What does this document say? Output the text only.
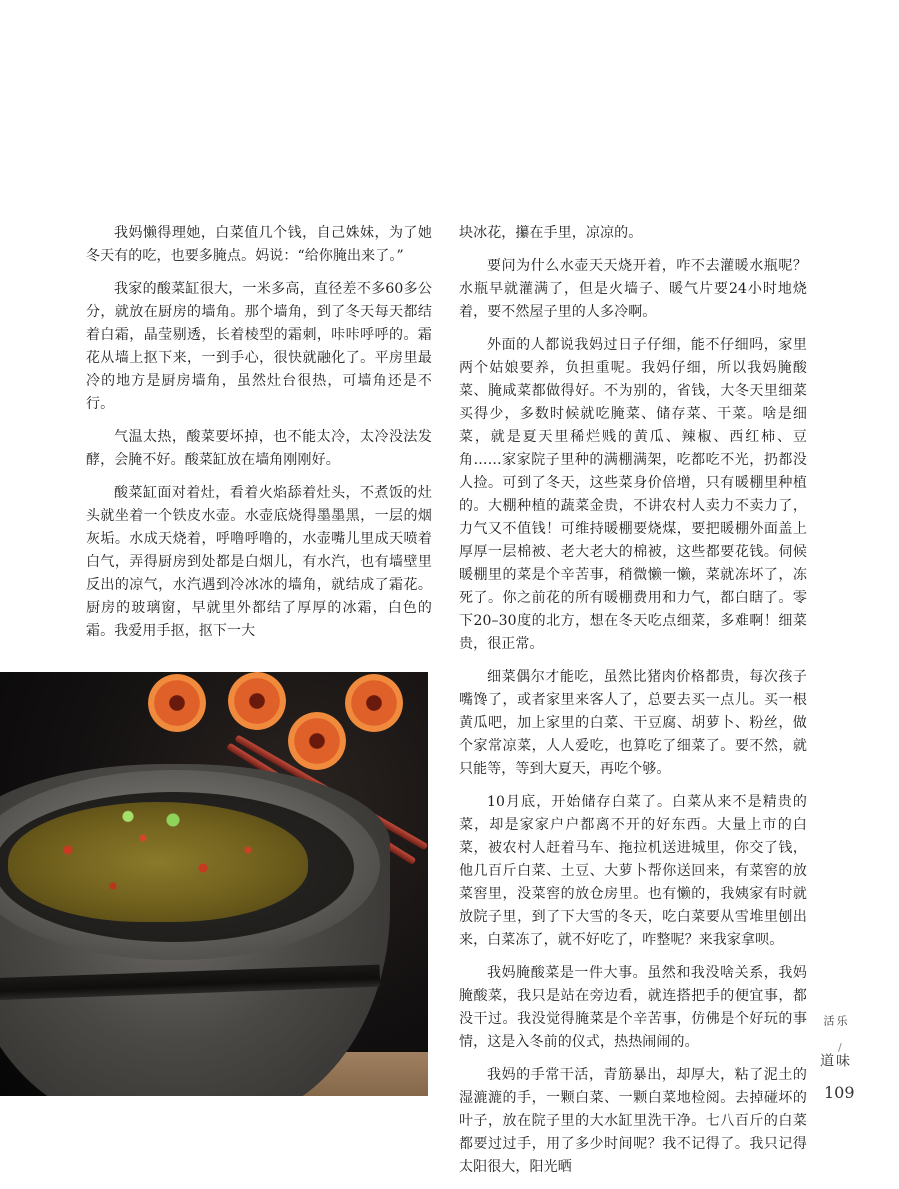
我妈懒得理她，白菜值几个钱，自己姝妹，为了她冬天有的吃，也要多腌点。妈说：“给你腌出来了。”

我家的酸菜缸很大，一米多高，直径差不多60多公分，就放在厨房的墙角。那个墙角，到了冬天每天都结着白霜，晶莹剔透，长着棱型的霜刺，咔咔呼呼的。霜花从墙上抠下来，一到手心，很快就融化了。平房里最冷的地方是厨房墙角，虽然灶台很热，可墙角还是不行。

气温太热，酸菜要坏掉，也不能太冷，太冷没法发酵，会腌不好。酸菜缸放在墙角刚刚好。

酸菜缸面对着灶，看着火焰舔着灶头，不煮饭的灶头就坐着一个铁皮水壶。水壶底烧得墨墨黑，一层的烟灰垢。水成天烧着，呼噜呼噜的，水壶嘴儿里成天喷着白气，弄得厨房到处都是白烟儿，有水汽，也有墙壁里反出的凉气，水汽遇到冷冰冰的墙角，就结成了霜花。厨房的玻璃窗，早就里外都结了厚厚的冰霜，白色的霜。我爱用手抠，抠下一大

块冰花，攥在手里，凉凉的。

要问为什么水壶天天烧开着，咋不去灌暖水瓶呢？水瓶早就灌满了，但是火墙子、暖气片要24小时地烧着，要不然屋子里的人多冷啊。

外面的人都说我妈过日子仔细，能不仔细吗，家里两个姑娘要养，负担重呢。我妈仔细，所以我妈腌酸菜、腌咸菜都做得好。不为别的，省钱，大冬天里细菜买得少，多数时候就吃腌菜、储存菜、干菜。啥是细菜，就是夏天里稀烂贱的黄瓜、辣椒、西红柿、豆角……家家院子里种的满棚满架，吃都吃不光，扔都没人捡。可到了冬天，这些菜身价倍增，只有暖棚里种植的。大棚种植的蔬菜金贵，不讲农村人卖力不卖力了，力气又不值钱！可维持暖棚要烧煤，要把暖棚外面盖上厚厚一层棉被、老大老大的棉被，这些都要花钱。伺候暖棚里的菜是个辛苦事，稍微懒一懒，菜就冻坏了，冻死了。你之前花的所有暖棚费用和力气，都白瞎了。零下20–30度的北方，想在冬天吃点细菜，多难啊！细菜贵，很正常。

细菜偶尔才能吃，虽然比猪肉价格都贵，每次孩子嘴馋了，或者家里来客人了，总要去买一点儿。买一根黄瓜吧，加上家里的白菜、干豆腐、胡萝卜、粉丝，做个家常凉菜，人人爱吃，也算吃了细菜了。要不然，就只能等，等到大夏天，再吃个够。

10月底，开始储存白菜了。白菜从来不是精贵的菜，却是家家户户都离不开的好东西。大量上市的白菜，被农村人赶着马车、拖拉机送进城里，你交了钱，他几百斤白菜、土豆、大萝卜帮你送回来，有菜窖的放菜窖里，没菜窖的放仓房里。也有懒的，我姨家有时就放院子里，到了下大雪的冬天，吃白菜要从雪堆里刨出来，白菜冻了，就不好吃了，咋整呢？来我家拿呗。

我妈腌酸菜是一件大事。虽然和我没啥关系，我妈腌酸菜，我只是站在旁边看，就连搭把手的便宜事，都没干过。我没觉得腌菜是个辛苦事，仿佛是个好玩的事情，这是入冬前的仪式，热热闹闹的。

我妈的手常干活，青筋暴出，却厚大，粘了泥土的湿漉漉的手，一颗白菜、一颗白菜地检阅。去掉碰坏的叶子，放在院子里的大水缸里洗干净。七八百斤的白菜都要过过手，用了多少时间呢？我不记得了。我只记得太阳很大，阳光晒

乐活
/
味道
109
